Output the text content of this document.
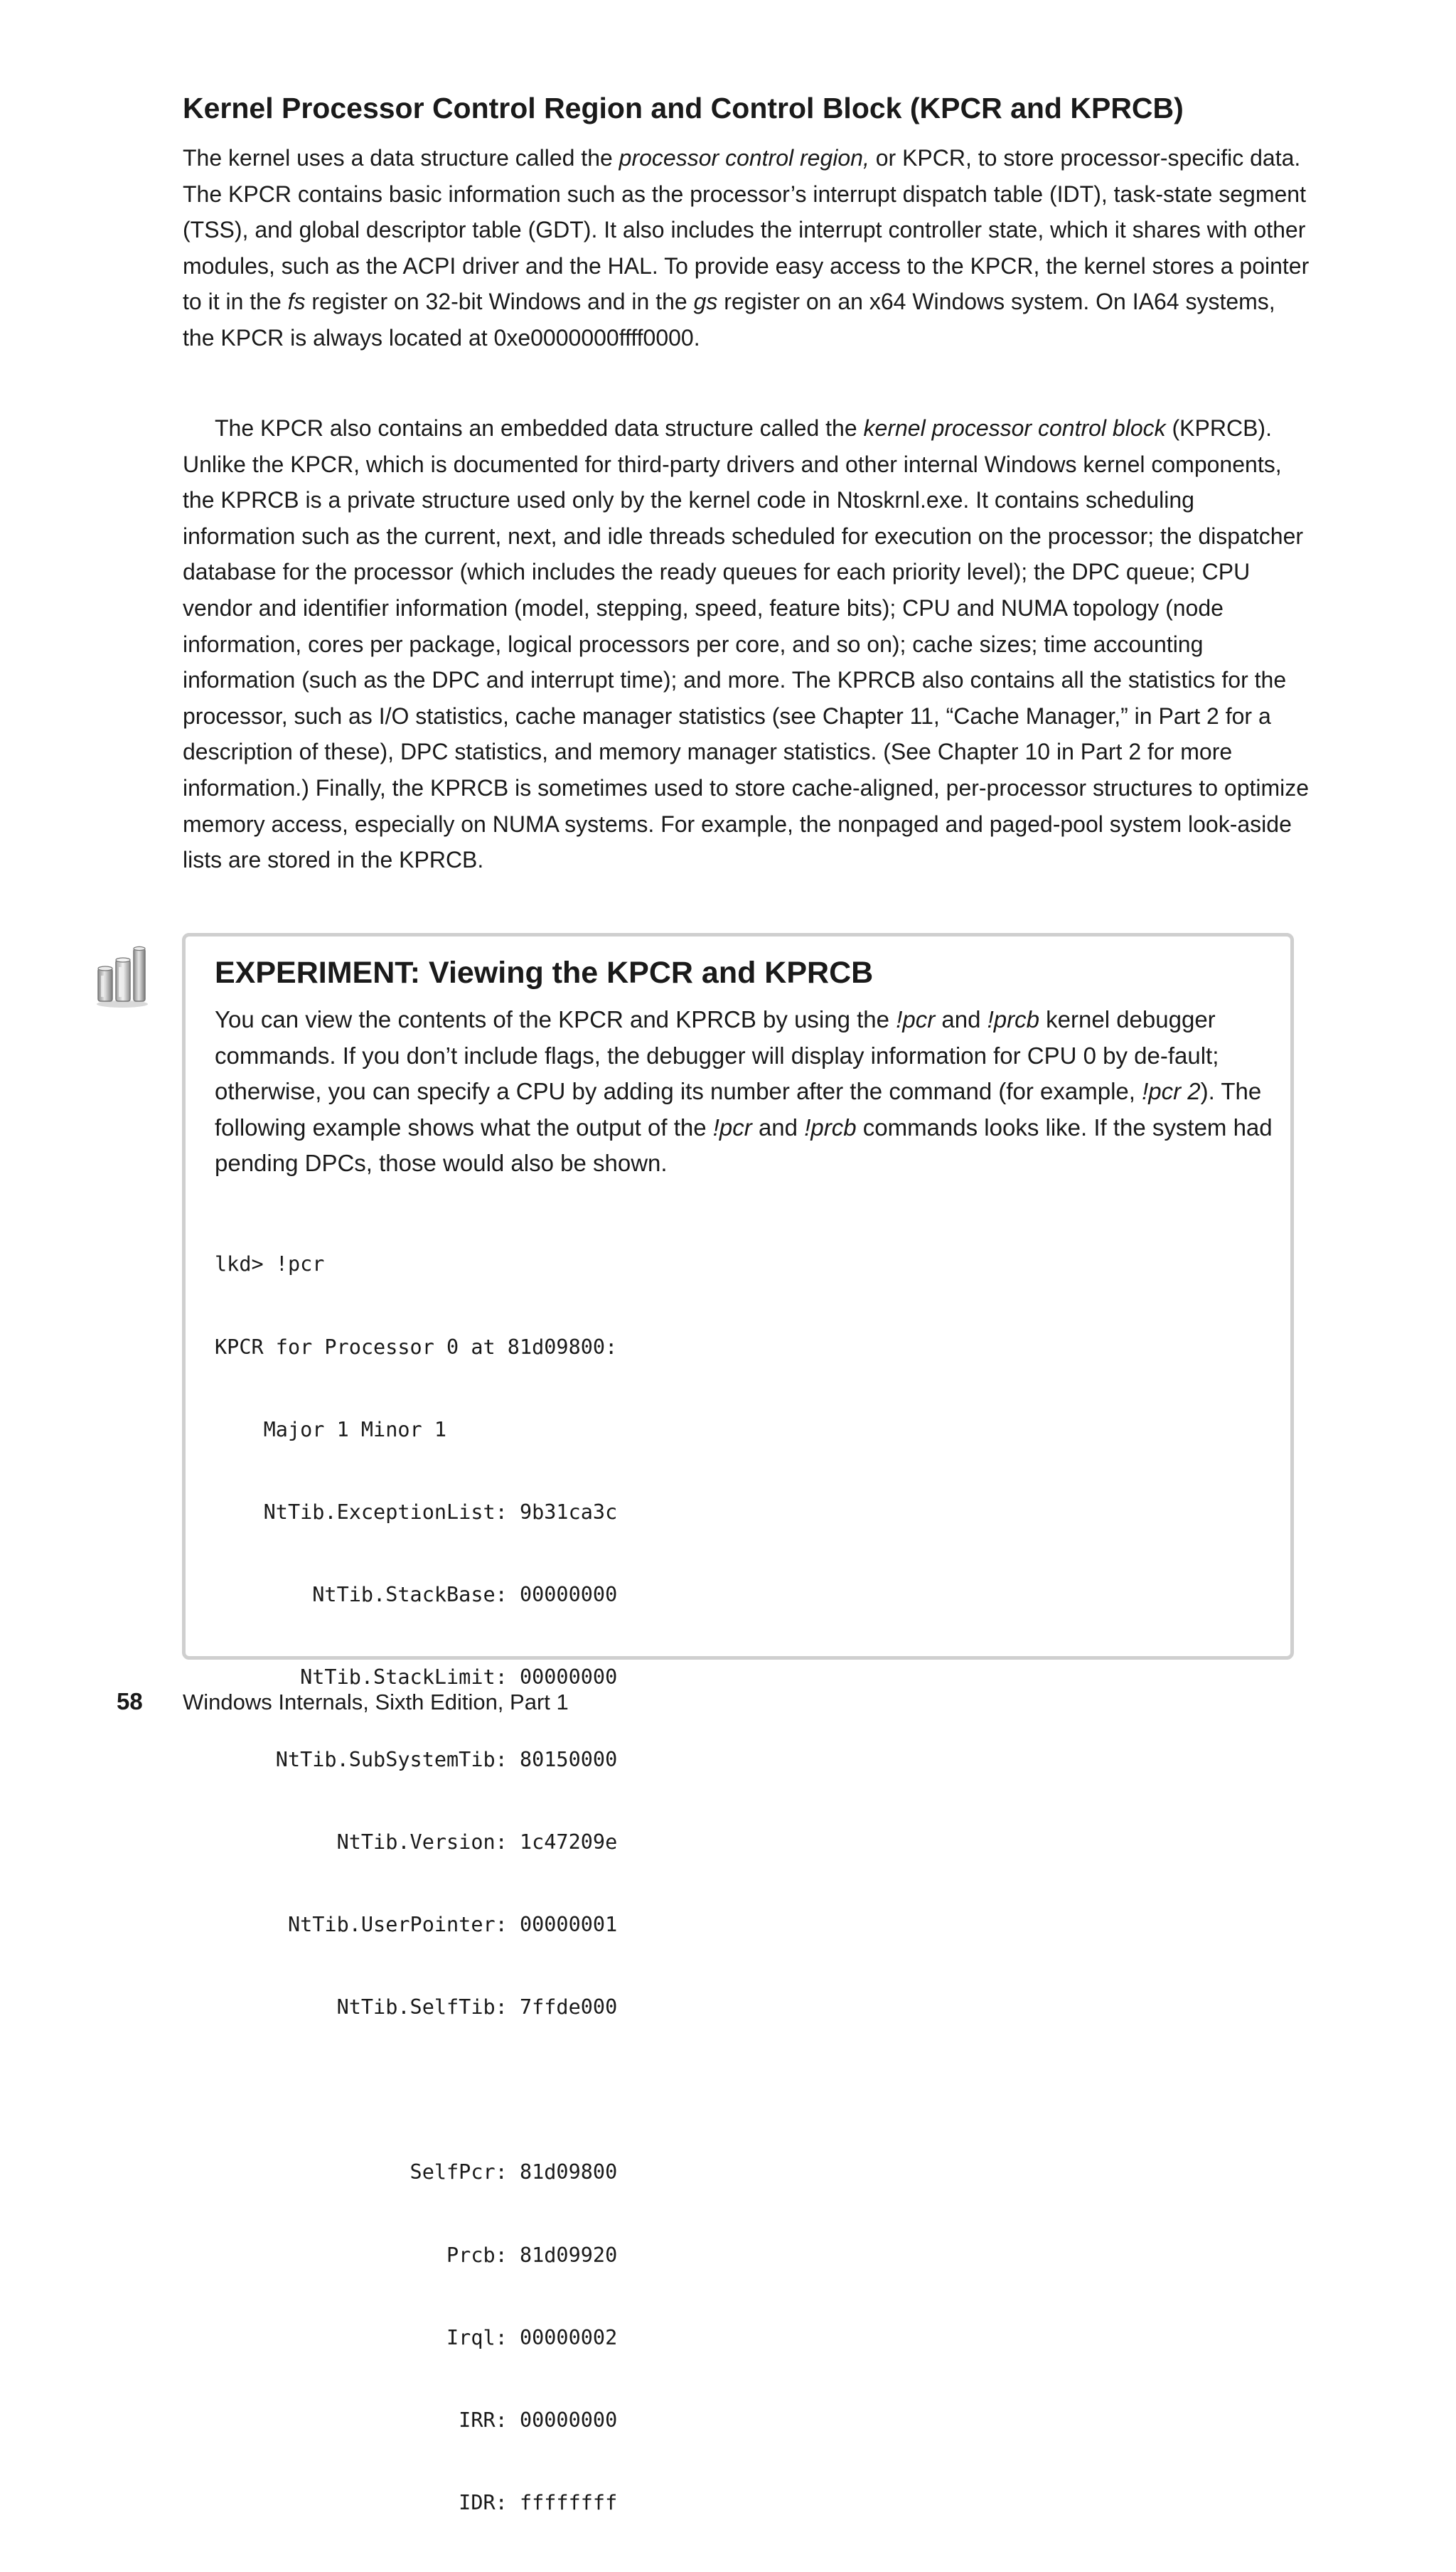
Kernel Processor Control Region and Control Block (KPCR and KPRCB)

The kernel uses a data structure called the processor control region, or KPCR, to store processor-specific data. The KPCR contains basic information such as the processor’s interrupt dispatch table (IDT), task-state segment (TSS), and global descriptor table (GDT). It also includes the interrupt controller state, which it shares with other modules, such as the ACPI driver and the HAL. To provide easy access to the KPCR, the kernel stores a pointer to it in the fs register on 32-bit Windows and in the gs register on an x64 Windows system. On IA64 systems, the KPCR is always located at 0xe0000000ffff0000.

The KPCR also contains an embedded data structure called the kernel processor control block (KPRCB). Unlike the KPCR, which is documented for third-party drivers and other internal Windows kernel components, the KPRCB is a private structure used only by the kernel code in Ntoskrnl.exe. It contains scheduling information such as the current, next, and idle threads scheduled for execution on the processor; the dispatcher database for the processor (which includes the ready queues for each priority level); the DPC queue; CPU vendor and identifier information (model, stepping, speed, feature bits); CPU and NUMA topology (node information, cores per package, logical processors per core, and so on); cache sizes; time accounting information (such as the DPC and interrupt time); and more. The KPRCB also contains all the statistics for the processor, such as I/O statistics, cache manager statistics (see Chapter 11, “Cache Manager,” in Part 2 for a description of these), DPC statistics, and memory manager statistics. (See Chapter 10 in Part 2 for more information.) Finally, the KPRCB is sometimes used to store cache-aligned, per-processor structures to optimize memory access, especially on NUMA systems. For example, the nonpaged and paged-pool system look-aside lists are stored in the KPRCB.

EXPERIMENT: Viewing the KPCR and KPRCB

You can view the contents of the KPCR and KPRCB by using the !pcr and !prcb kernel debugger commands. If you don’t include flags, the debugger will display information for CPU 0 by de-fault; otherwise, you can specify a CPU by adding its number after the command (for example, !pcr 2). The following example shows what the output of the !pcr and !prcb commands looks like. If the system had pending DPCs, those would also be shown.

lkd> !pcr

KPCR for Processor 0 at 81d09800:

Major 1 Minor 1

NtTib.ExceptionList: 9b31ca3c

NtTib.StackBase: 00000000

NtTib.StackLimit: 00000000

NtTib.SubSystemTib: 80150000

NtTib.Version: 1c47209e

NtTib.UserPointer: 00000001

NtTib.SelfTib: 7ffde000

SelfPcr: 81d09800

Prcb: 81d09920

Irql: 00000002

IRR: 00000000

IDR: ffffffff

58 Windows Internals, Sixth Edition, Part 1
